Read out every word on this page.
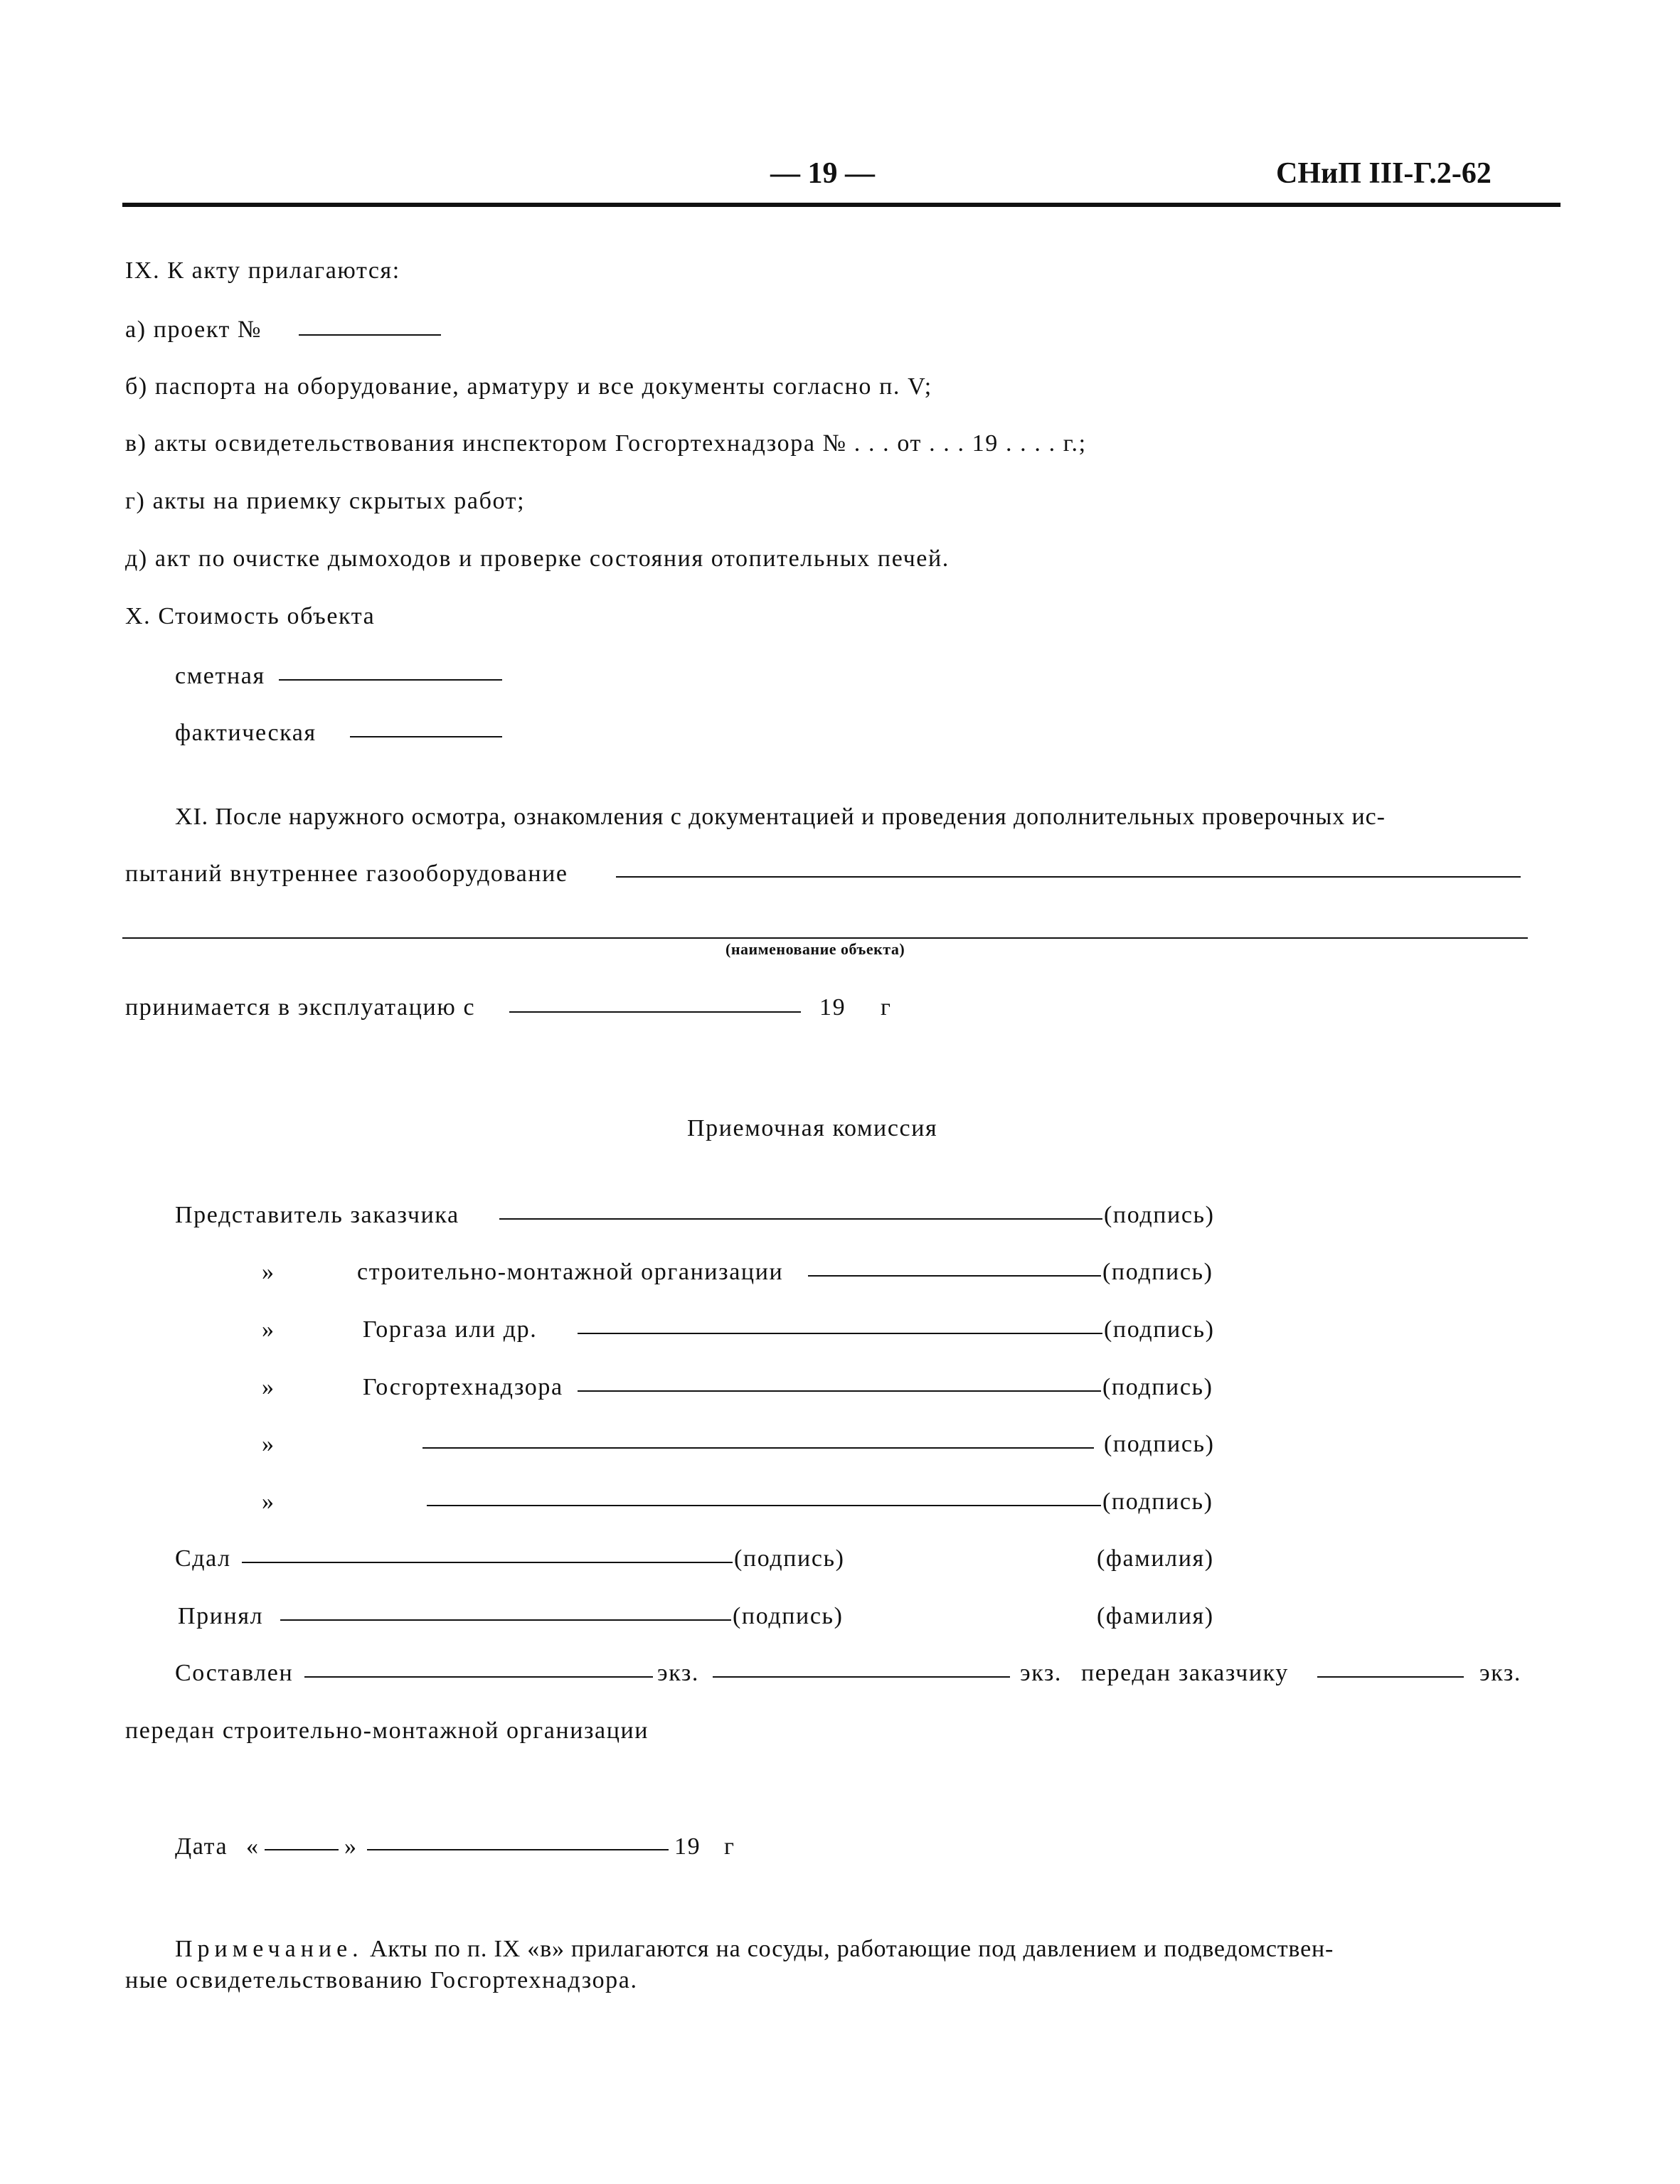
— 19 —	СНиП III-Г.2-62
IX. К акту прилагаются:
а) проект №
б) паспорта на оборудование, арматуру и все документы согласно п. V;
в) акты освидетельствования инспектором Госгортехнадзора № . . . от . . . 19 . . . . г.;
г) акты на приемку скрытых работ;
д) акт по очистке дымоходов и проверке состояния отопительных печей.
X. Стоимость объекта
сметная
фактическая
XI. После наружного осмотра, ознакомления с документацией и проведения дополнительных проверочных ис-
пытаний внутреннее газооборудование
(наименование объекта)
принимается в эксплуатацию с	19 г
Приемочная комиссия
Представитель заказчика	(подпись)
»	строительно-монтажной организации	(подпись)
»	Горгаза или др.	(подпись)
»	Госгортехнадзора	(подпись)
»	(подпись)
»	(подпись)
Сдал	(подпись)	(фамилия)
Принял	(подпись)	(фамилия)
Составлен	экз.	экз. передан заказчику	экз.
передан строительно-монтажной организации
Дата «	»	19 г
Примечание. Акты по п. IX «в» прилагаются на сосуды, работающие под давлением и подведомствен-
ные освидетельствованию Госгортехнадзора.
